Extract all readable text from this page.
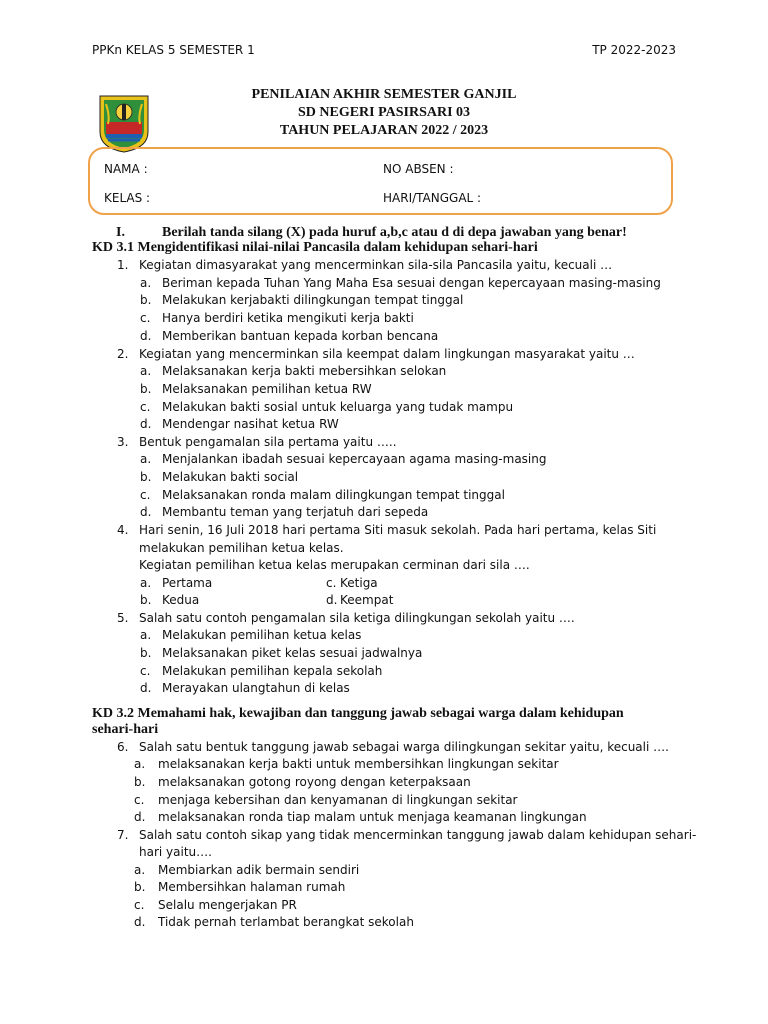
PPKn KELAS 5 SEMESTER 1	TP 2022-2023
PENILAIAN AKHIR SEMESTER GANJIL
SD NEGERI PASIRSARI 03
TAHUN PELAJARAN 2022 / 2023
NAMA :	NO ABSEN :
KELAS :	HARI/TANGGAL :
I.	Berilah tanda silang (X) pada huruf a,b,c atau d di depa jawaban yang benar!
KD 3.1 Mengidentifikasi nilai-nilai Pancasila dalam kehidupan sehari-hari
1. Kegiatan dimasyarakat yang mencerminkan sila-sila Pancasila yaitu, kecuali …
a. Beriman kepada Tuhan Yang Maha Esa sesuai dengan kepercayaan masing-masing
b. Melakukan kerjabakti dilingkungan tempat tinggal
c. Hanya berdiri ketika mengikuti kerja bakti
d. Memberikan bantuan kepada korban bencana
2. Kegiatan yang mencerminkan sila keempat dalam lingkungan masyarakat yaitu …
a. Melaksanakan kerja bakti mebersihkan selokan
b. Melaksanakan pemilihan ketua RW
c. Melakukan bakti sosial untuk keluarga yang tudak mampu
d. Mendengar nasihat ketua RW
3. Bentuk pengamalan sila pertama yaitu …..
a. Menjalankan ibadah sesuai kepercayaan agama masing-masing
b. Melakukan bakti social
c. Melaksanakan ronda malam dilingkungan tempat tinggal
d. Membantu teman yang terjatuh dari sepeda
4. Hari senin, 16 Juli 2018 hari pertama Siti masuk sekolah. Pada hari pertama, kelas Siti
melakukan pemilihan ketua kelas.
Kegiatan pemilihan ketua kelas merupakan cerminan dari sila ….
a. Pertama	c. Ketiga
b. Kedua	d. Keempat
5. Salah satu contoh pengamalan sila ketiga dilingkungan sekolah yaitu ….
a. Melakukan pemilihan ketua kelas
b. Melaksanakan piket kelas sesuai jadwalnya
c. Melakukan pemilihan kepala sekolah
d. Merayakan ulangtahun di kelas
KD 3.2 Memahami hak, kewajiban dan tanggung jawab sebagai warga dalam kehidupan
sehari-hari
6. Salah satu bentuk tanggung jawab sebagai warga dilingkungan sekitar yaitu, kecuali ….
a. melaksanakan kerja bakti untuk membersihkan lingkungan sekitar
b. melaksanakan gotong royong dengan keterpaksaan
c. menjaga kebersihan dan kenyamanan di lingkungan sekitar
d. melaksanakan ronda tiap malam untuk menjaga keamanan lingkungan
7. Salah satu contoh sikap yang tidak mencerminkan tanggung jawab dalam kehidupan sehari-
hari yaitu….
a. Membiarkan adik bermain sendiri
b. Membersihkan halaman rumah
c. Selalu mengerjakan PR
d. Tidak pernah terlambat berangkat sekolah
